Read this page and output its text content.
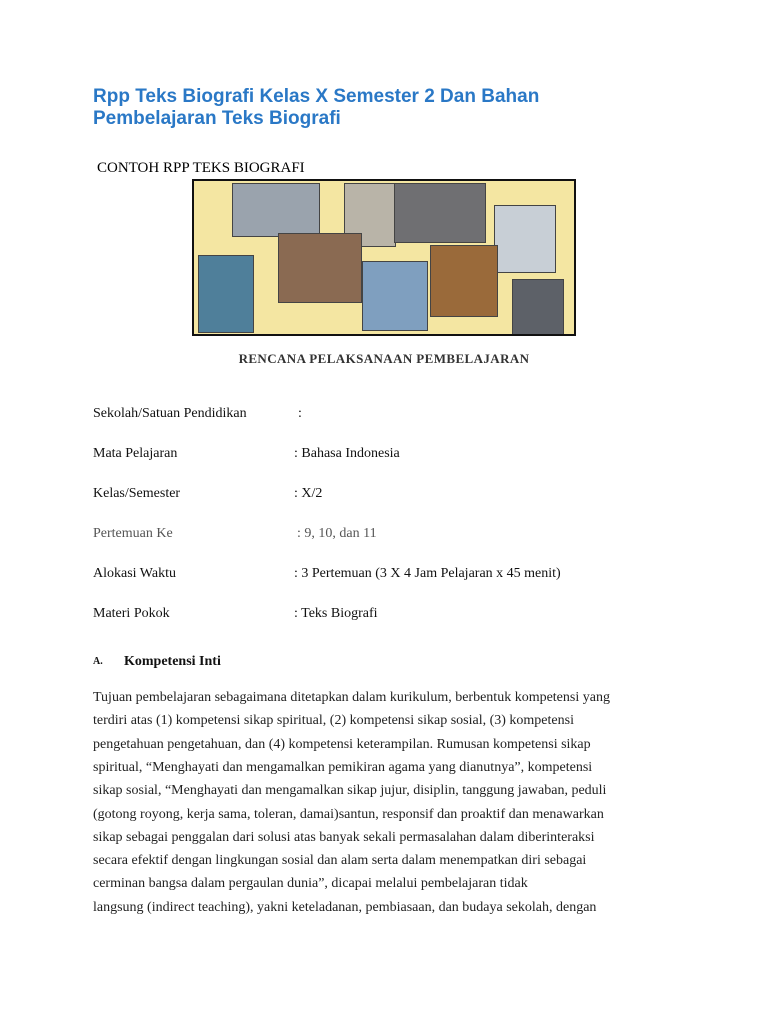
Rpp Teks Biografi Kelas X Semester 2 Dan Bahan
Pembelajaran Teks Biografi
CONTOH RPP TEKS BIOGRAFI
RENCANA PELAKSANAAN PEMBELAJARAN
Sekolah/Satuan Pendidikan	:
Mata Pelajaran	: Bahasa Indonesia
Kelas/Semester	: X/2
Pertemuan Ke	: 9, 10, dan 11
Alokasi Waktu	: 3 Pertemuan (3 X 4 Jam Pelajaran x 45 menit)
Materi Pokok	: Teks Biografi
A. Kompetensi Inti
Tujuan pembelajaran sebagaimana ditetapkan dalam kurikulum, berbentuk kompetensi yang
terdiri atas (1) kompetensi sikap spiritual, (2) kompetensi sikap sosial, (3) kompetensi
pengetahuan pengetahuan, dan (4) kompetensi keterampilan. Rumusan kompetensi sikap
spiritual, “Menghayati dan mengamalkan pemikiran agama yang dianutnya”, kompetensi
sikap sosial, “Menghayati dan mengamalkan sikap jujur, disiplin, tanggung jawaban, peduli
(gotong royong, kerja sama, toleran, damai)santun, responsif dan proaktif dan menawarkan
sikap sebagai penggalan dari solusi atas banyak sekali permasalahan dalam diberinteraksi
secara efektif dengan lingkungan sosial dan alam serta dalam menempatkan diri sebagai
cerminan bangsa dalam pergaulan dunia”, dicapai melalui pembelajaran tidak
langsung (indirect teaching), yakni keteladanan, pembiasaan, dan budaya sekolah, dengan
